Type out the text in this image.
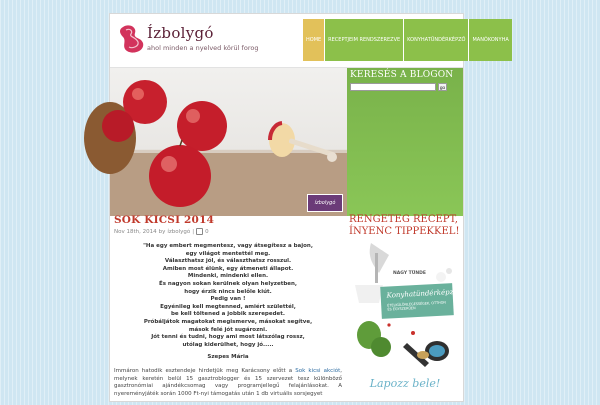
Ízbolygó
ahol minden a nyelved körül forog
HOME	RECEPTJEIM RENDSZEREZVE	KONYHATÜNDÉRKÉPZŐ	MANÓKONYHA
ízbolygó
KERESÉS A BLOGON
go
SOK KICSI 2014
Nov 18th, 2014 by ízbolygó | 0
"Ha egy embert megmentesz, vagy átsegítesz a bajon,
egy világot mentettél meg.
Választhatsz jól, és választhatsz rosszul.
Amiben most élünk, egy átmeneti állapot.
Mindenki, mindenki ellen.
És nagyon sokan kerülnek olyan helyzetben,
hogy érzik nincs belőle kiút.
Pedig van !
Egyénileg kell megtenned, amiért születtél,
be kell töltened a jobbik szerepedet.
Próbáljátok magatokat megismerve, másokat segítve,
mások felé jót sugározni.
Jót tenni és tudni, hogy ami most látszólag rossz,
utólag kiderülhet, hogy jó.....
Szepes Mária
Immáron hatodik esztendeje hirdetjük meg Karácsony előtt a Sok kicsi akciót, melynek keretén belül 15 gasztroblogger és 15 szervezet tesz különböző gasztronómiai ajándékcsomag vagy programjellegű felajánlásokat. A nyereményjáték során 1000 Ft-nyi támogatás után 1 db virtuális sorsjegyet
RENGETEG RECEPT, ÍNYENC TIPPEKKEL!
NAGY TÜNDE
Konyhatündérképző
ÉTELKÜLÖNLEGESSÉGEK, OTTHON ÉS EGYSZERŰEN
Lapozz bele!
